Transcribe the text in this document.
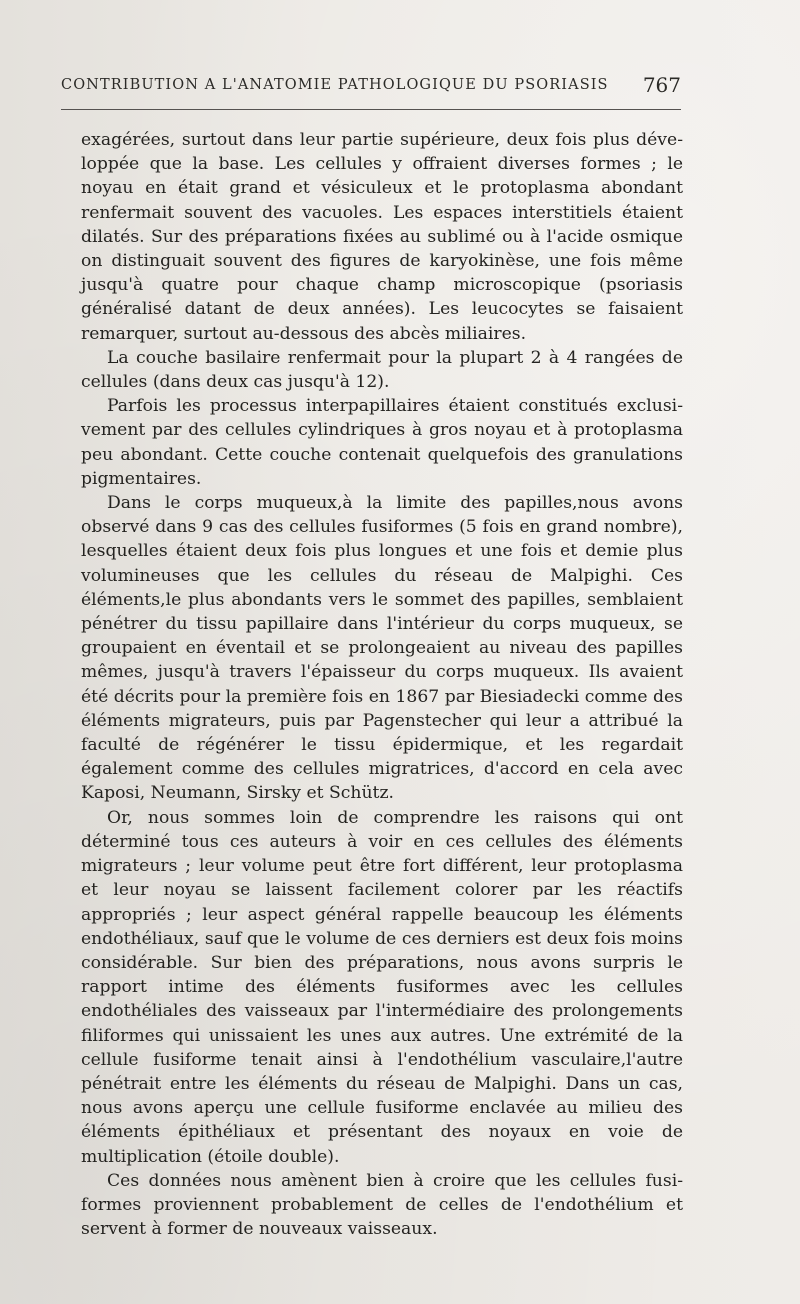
CONTRIBUTION A L'ANATOMIE PATHOLOGIQUE DU PSORIASIS 767

exagérées, surtout dans leur partie supérieure, deux fois plus développée que la base. Les cellules y offraient diverses formes ; le noyau en était grand et vésiculeux et le protoplasma abondant renfermait souvent des vacuoles. Les espaces interstitiels étaient dilatés. Sur des préparations fixées au sublimé ou à l'acide osmique on distinguait souvent des figures de karyokinèse, une fois même jusqu'à quatre pour chaque champ microscopique (psoriasis généralisé datant de deux années). Les leucocytes se faisaient remarquer, surtout au-dessous des abcès miliaires.

La couche basilaire renfermait pour la plupart 2 à 4 rangées de cellules (dans deux cas jusqu'à 12).

Parfois les processus interpapillaires étaient constitués exclusivement par des cellules cylindriques à gros noyau et à protoplasma peu abondant. Cette couche contenait quelquefois des granulations pigmentaires.

Dans le corps muqueux,à la limite des papilles,nous avons observé dans 9 cas des cellules fusiformes (5 fois en grand nombre), lesquelles étaient deux fois plus longues et une fois et demie plus volumineuses que les cellules du réseau de Malpighi. Ces éléments,le plus abondants vers le sommet des papilles, semblaient pénétrer du tissu papillaire dans l'intérieur du corps muqueux, se groupaient en éventail et se prolongeaient au niveau des papilles mêmes, jusqu'à travers l'épaisseur du corps muqueux. Ils avaient été décrits pour la première fois en 1867 par Biesiadecki comme des éléments migrateurs, puis par Pagenstecher qui leur a attribué la faculté de régénérer le tissu épidermique, et les regardait également comme des cellules migratrices, d'accord en cela avec Kaposi, Neumann, Sirsky et Schütz.

Or, nous sommes loin de comprendre les raisons qui ont déterminé tous ces auteurs à voir en ces cellules des éléments migrateurs ; leur volume peut être fort différent, leur protoplasma et leur noyau se laissent facilement colorer par les réactifs appropriés ; leur aspect général rappelle beaucoup les éléments endothéliaux, sauf que le volume de ces derniers est deux fois moins considérable. Sur bien des préparations, nous avons surpris le rapport intime des éléments fusiformes avec les cellules endothéliales des vaisseaux par l'intermédiaire des prolongements filiformes qui unissaient les unes aux autres. Une extrémité de la cellule fusiforme tenait ainsi à l'endothélium vasculaire,l'autre pénétrait entre les éléments du réseau de Malpighi. Dans un cas, nous avons aperçu une cellule fusiforme enclavée au milieu des éléments épithéliaux et présentant des noyaux en voie de multiplication (étoile double).

Ces données nous amènent bien à croire que les cellules fusiformes proviennent probablement de celles de l'endothélium et servent à former de nouveaux vaisseaux.
